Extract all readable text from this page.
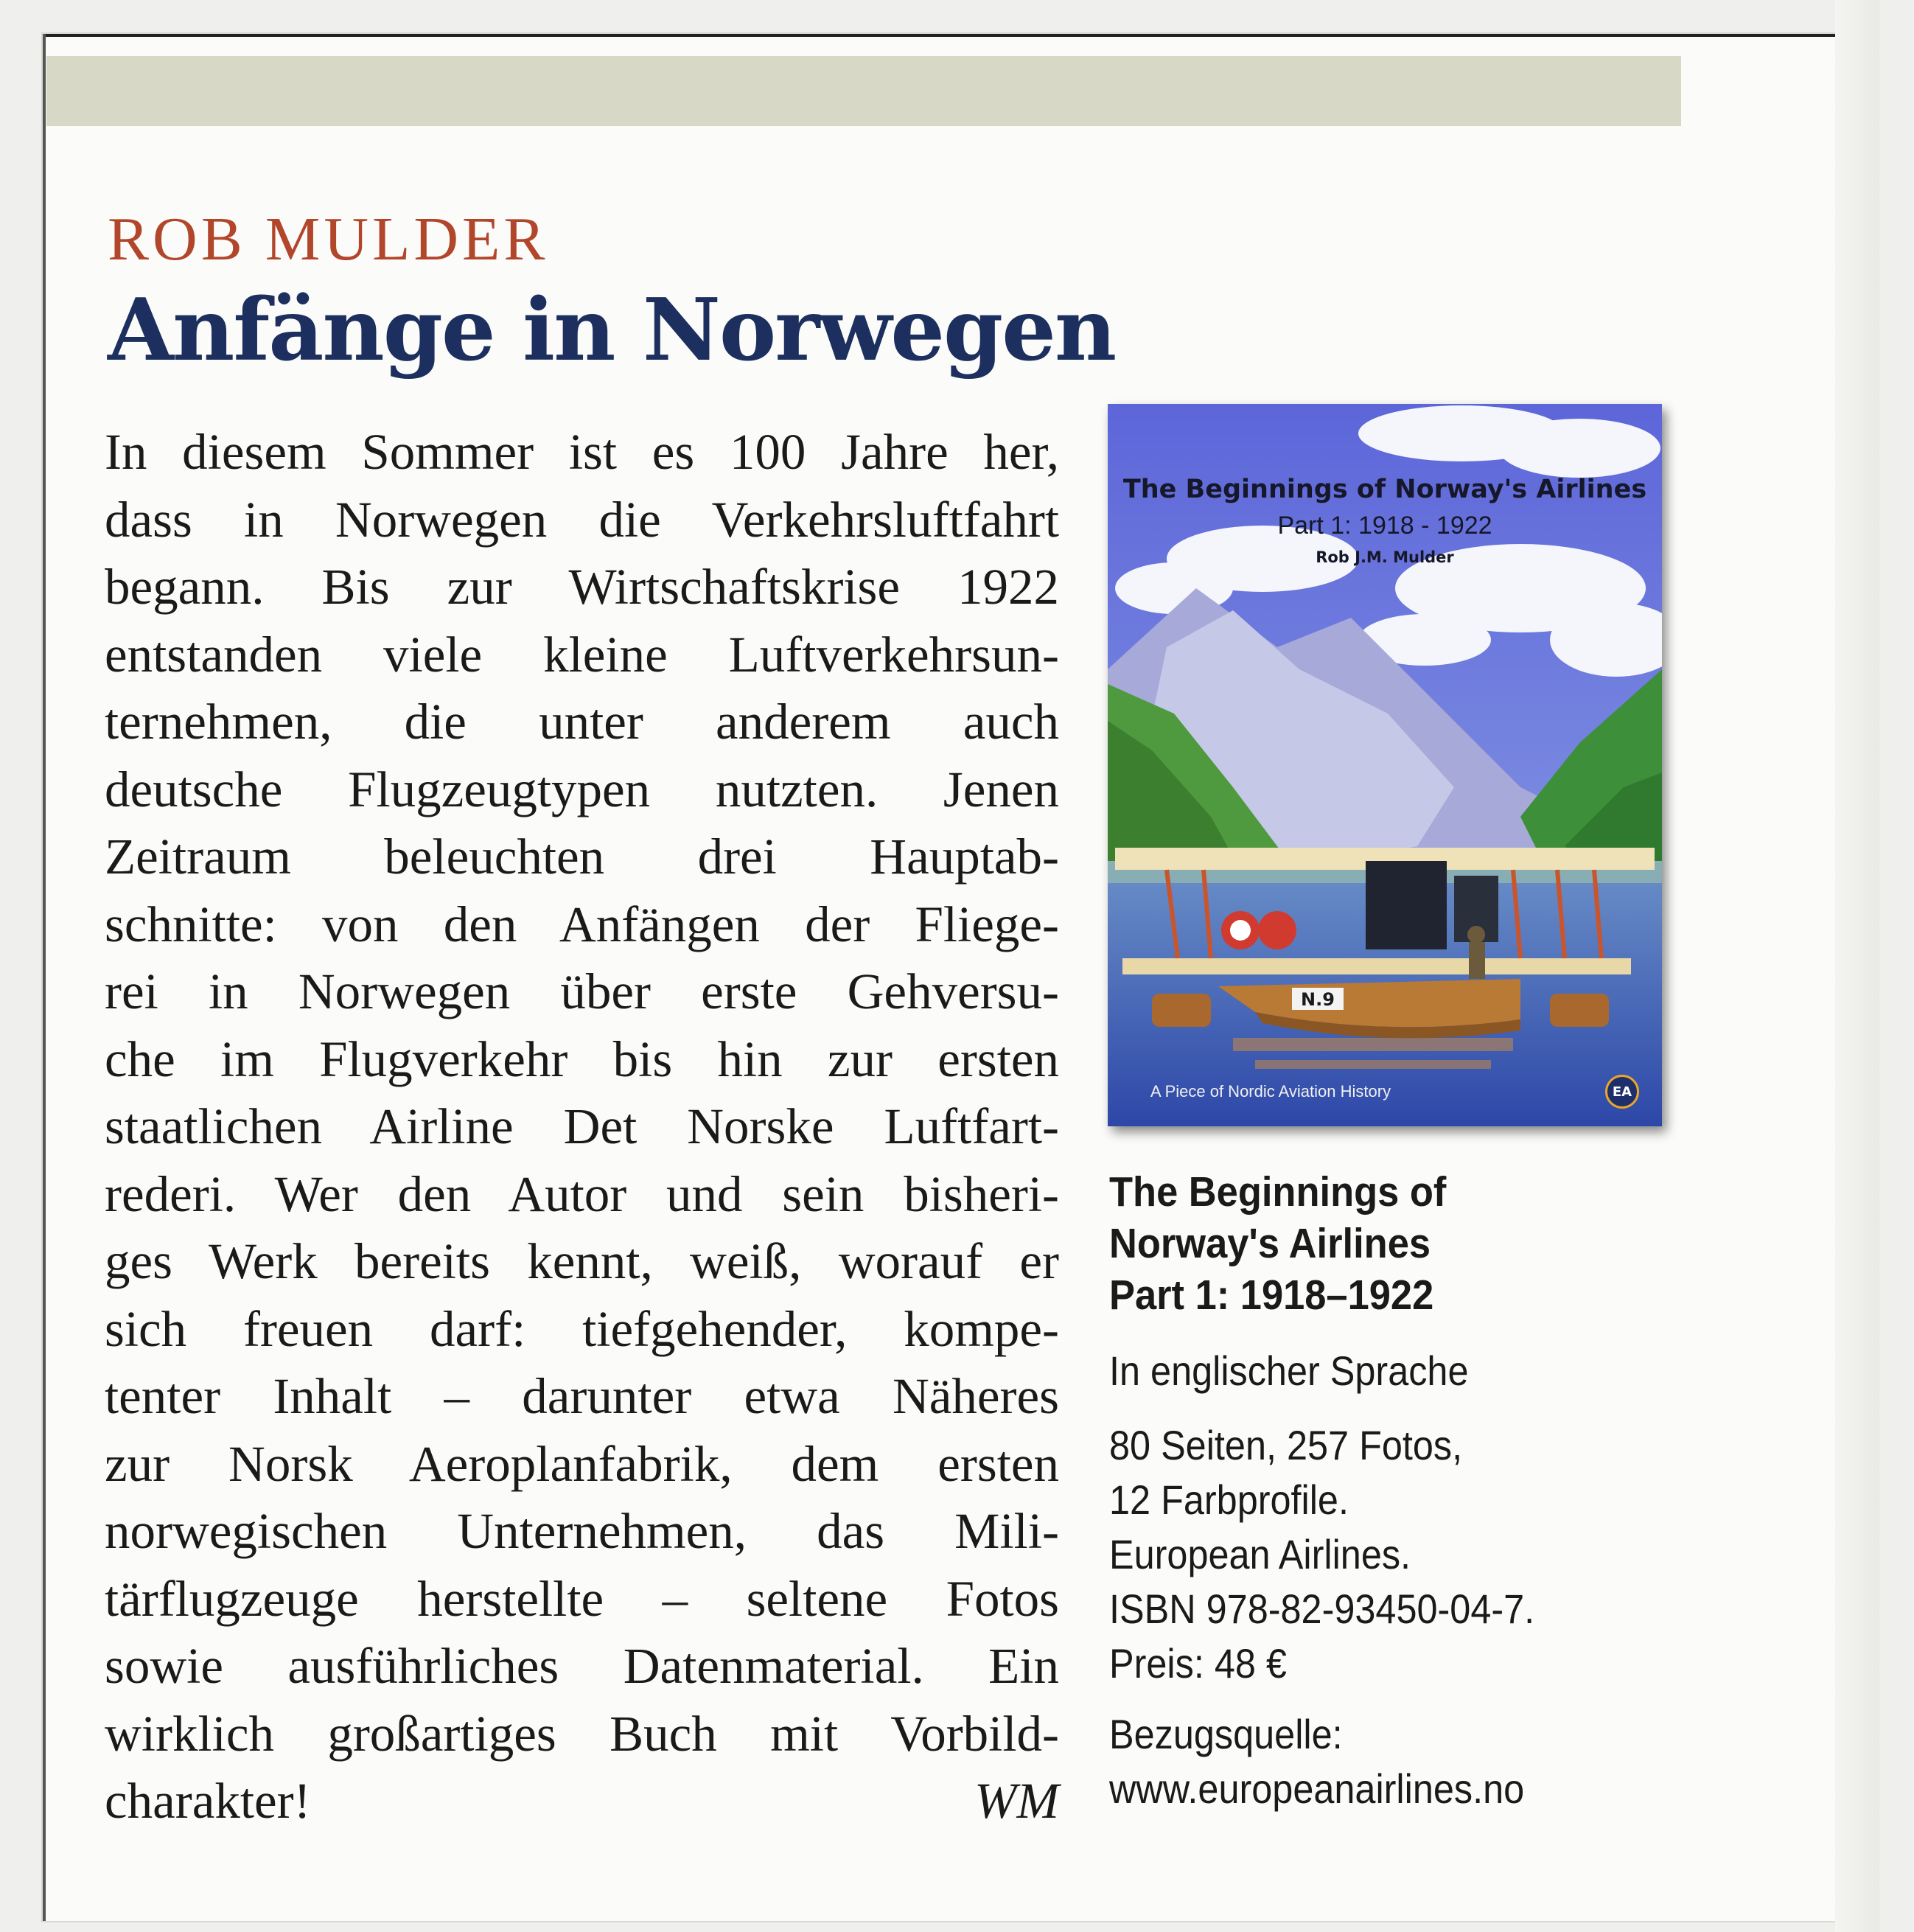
ROB MULDER
Anfänge in Norwegen
In diesem Sommer ist es 100 Jahre her,
dass in Norwegen die Verkehrsluftfahrt
begann. Bis zur Wirtschaftskrise 1922
entstanden viele kleine Luftverkehrsun-
ternehmen, die unter anderem auch
deutsche Flugzeugtypen nutzten. Jenen
Zeitraum beleuchten drei Hauptab-
schnitte: von den Anfängen der Fliege-
rei in Norwegen über erste Gehversu-
che im Flugverkehr bis hin zur ersten
staatlichen Airline Det Norske Luftfart-
rederi. Wer den Autor und sein bisheri-
ges Werk bereits kennt, weiß, worauf er
sich freuen darf: tiefgehender, kompe-
tenter Inhalt – darunter etwa Näheres
zur Norsk Aeroplanfabrik, dem ersten
norwegischen Unternehmen, das Mili-
tärflugzeuge herstellte – seltene Fotos
sowie ausführliches Datenmaterial. Ein
wirklich großartiges Buch mit Vorbild-
charakter!	WM
N.9
The Beginnings of Norway's Airlines
Part 1: 1918 - 1922
Rob J.M. Mulder
A Piece of Nordic Aviation History	EA
The Beginnings of
Norway's Airlines
Part 1: 1918–1922
In englischer Sprache
80 Seiten, 257 Fotos,
12 Farbprofile.
European Airlines.
ISBN 978-82-93450-04-7.
Preis: 48 €
Bezugsquelle:
www.europeanairlines.no
